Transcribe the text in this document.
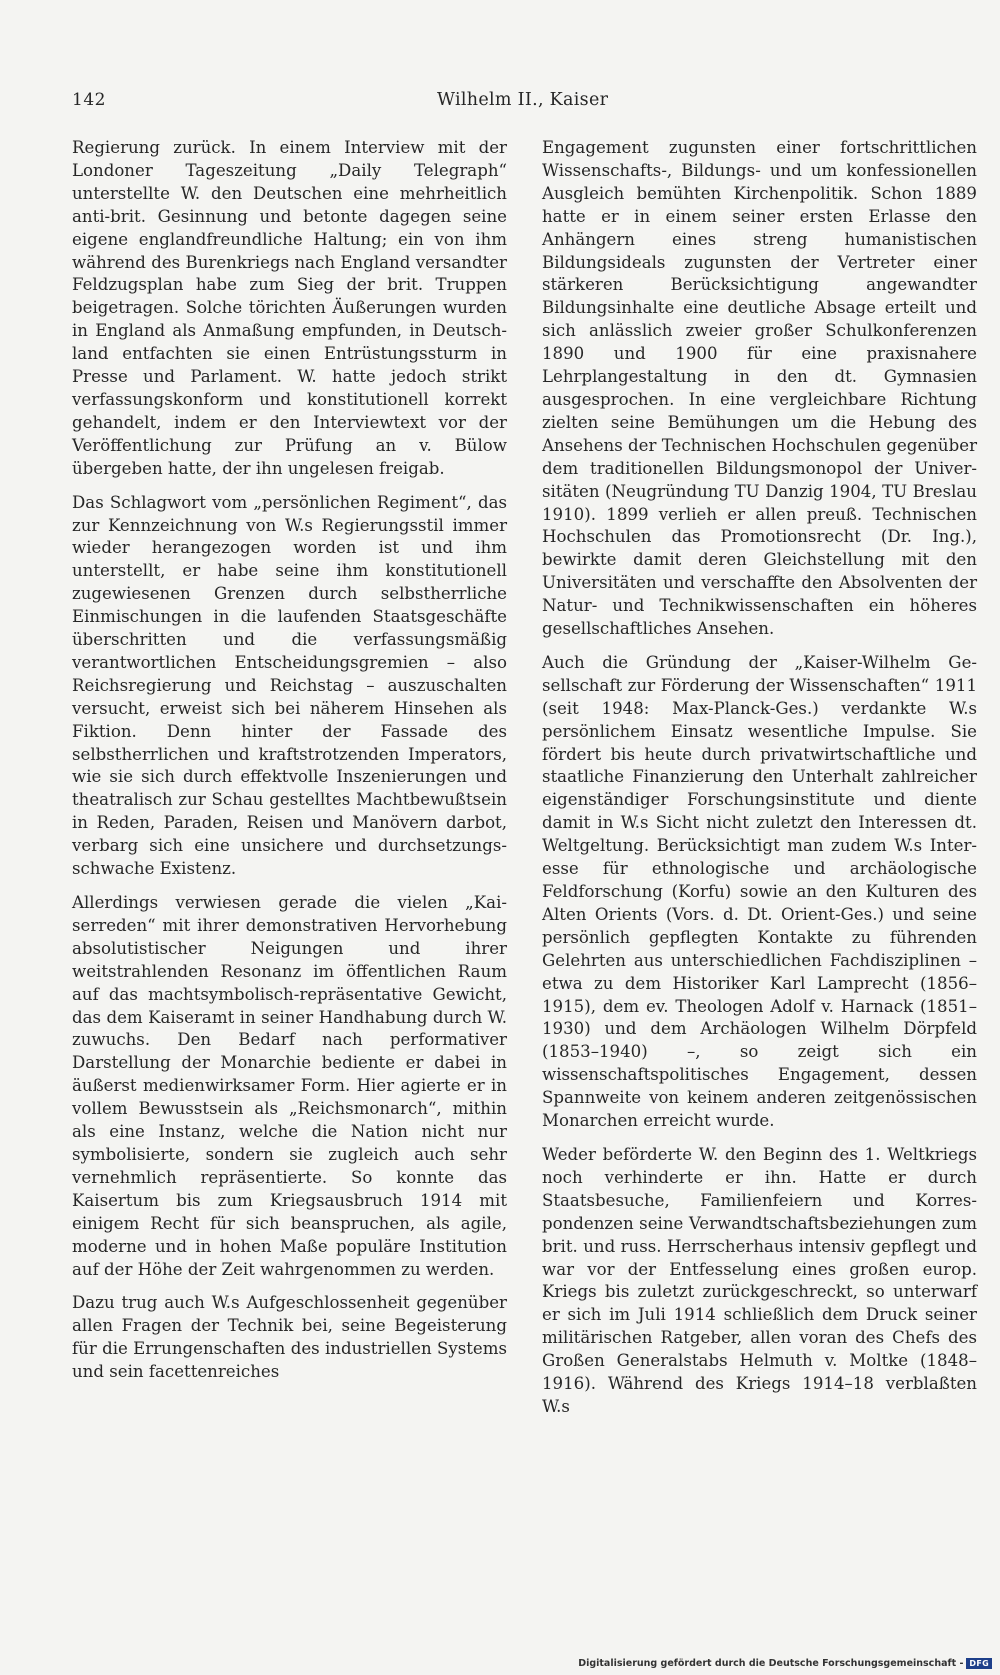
142	Wilhelm II., Kaiser

Regierung zurück. In einem Interview mit der Londoner Tageszeitung „Daily Telegraph“ unterstellte W. den Deutschen eine mehrheitlich anti-brit. Gesinnung und betonte dagegen seine eigene englandfreundliche Haltung; ein von ihm während des Burenkriegs nach England versandter Feldzugsplan habe zum Sieg der brit. Truppen beigetragen. Solche törichten Äußerungen wurden in England als Anmaßung empfunden, in Deutschland entfachten sie einen Entrüstungssturm in Presse und Parlament. W. hatte jedoch strikt verfassungskonform und konstitutionell korrekt gehandelt, indem er den Interviewtext vor der Veröffentlichung zur Prüfung an v. Bülow übergeben hatte, der ihn ungelesen freigab.

Das Schlagwort vom „persönlichen Regiment“, das zur Kennzeichnung von W.s Regierungsstil immer wieder herangezogen worden ist und ihm unterstellt, er habe seine ihm konstitutionell zugewiesenen Grenzen durch selbstherrliche Einmischungen in die laufenden Staatsgeschäfte überschritten und die verfassungsmäßig verantwortlichen Entscheidungsgremien – also Reichsregierung und Reichstag – auszuschalten versucht, erweist sich bei näherem Hinsehen als Fiktion. Denn hinter der Fassade des selbstherrlichen und kraftstrotzenden Imperators, wie sie sich durch effektvolle Inszenierungen und theatralisch zur Schau gestelltes Machtbewußtsein in Reden, Paraden, Reisen und Manövern darbot, verbarg sich eine unsichere und durchsetzungsschwache Existenz.

Allerdings verwiesen gerade die vielen „Kaiserreden“ mit ihrer demonstrativen Hervorhebung absolutistischer Neigungen und ihrer weitstrahlenden Resonanz im öffentlichen Raum auf das machtsymbolisch-repräsentative Gewicht, das dem Kaiseramt in seiner Handhabung durch W. zuwuchs. Den Bedarf nach performativer Darstellung der Monarchie bediente er dabei in äußerst medienwirksamer Form. Hier agierte er in vollem Bewusstsein als „Reichsmonarch“, mithin als eine Instanz, welche die Nation nicht nur symbolisierte, sondern sie zugleich auch sehr vernehmlich repräsentierte. So konnte das Kaisertum bis zum Kriegsausbruch 1914 mit einigem Recht für sich beanspruchen, als agile, moderne und in hohen Maße populäre Institution auf der Höhe der Zeit wahrgenommen zu werden.

Dazu trug auch W.s Aufgeschlossenheit gegenüber allen Fragen der Technik bei, seine Begeisterung für die Errungenschaften des industriellen Systems und sein facettenreiches

Engagement zugunsten einer fortschrittlichen Wissenschafts-, Bildungs- und um konfessionellen Ausgleich bemühten Kirchenpolitik. Schon 1889 hatte er in einem seiner ersten Erlasse den Anhängern eines streng humanistischen Bildungsideals zugunsten der Vertreter einer stärkeren Berücksichtigung angewandter Bildungsinhalte eine deutliche Absage erteilt und sich anlässlich zweier großer Schulkonferenzen 1890 und 1900 für eine praxisnahere Lehrplangestaltung in den dt. Gymnasien ausgesprochen. In eine vergleichbare Richtung zielten seine Bemühungen um die Hebung des Ansehens der Technischen Hochschulen gegenüber dem traditionellen Bildungsmonopol der Universitäten (Neugründung TU Danzig 1904, TU Breslau 1910). 1899 verlieh er allen preuß. Technischen Hochschulen das Promotionsrecht (Dr. Ing.), bewirkte damit deren Gleichstellung mit den Universitäten und verschaffte den Absolventen der Natur- und Technikwissenschaften ein höheres gesellschaftliches Ansehen.

Auch die Gründung der „Kaiser-Wilhelm Gesellschaft zur Förderung der Wissenschaften“ 1911 (seit 1948: Max-Planck-Ges.) verdankte W.s persönlichem Einsatz wesentliche Impulse. Sie fördert bis heute durch privatwirtschaftliche und staatliche Finanzierung den Unterhalt zahlreicher eigenständiger Forschungsinstitute und diente damit in W.s Sicht nicht zuletzt den Interessen dt. Weltgeltung. Berücksichtigt man zudem W.s Interesse für ethnologische und archäologische Feldforschung (Korfu) sowie an den Kulturen des Alten Orients (Vors. d. Dt. Orient-Ges.) und seine persönlich gepflegten Kontakte zu führenden Gelehrten aus unterschiedlichen Fachdisziplinen – etwa zu dem Historiker Karl Lamprecht (1856–1915), dem ev. Theologen Adolf v. Harnack (1851–1930) und dem Archäologen Wilhelm Dörpfeld (1853–1940) –, so zeigt sich ein wissenschaftspolitisches Engagement, dessen Spannweite von keinem anderen zeitgenössischen Monarchen erreicht wurde.

Weder beförderte W. den Beginn des 1. Weltkriegs noch verhinderte er ihn. Hatte er durch Staatsbesuche, Familienfeiern und Korrespondenzen seine Verwandtschaftsbeziehungen zum brit. und russ. Herrscherhaus intensiv gepflegt und war vor der Entfesselung eines großen europ. Kriegs bis zuletzt zurückgeschreckt, so unterwarf er sich im Juli 1914 schließlich dem Druck seiner militärischen Ratgeber, allen voran des Chefs des Großen Generalstabs Helmuth v. Moltke (1848–1916). Während des Kriegs 1914–18 verblaßten W.s

Digitalisierung gefördert durch die Deutsche Forschungsgemeinschaft - DFG
